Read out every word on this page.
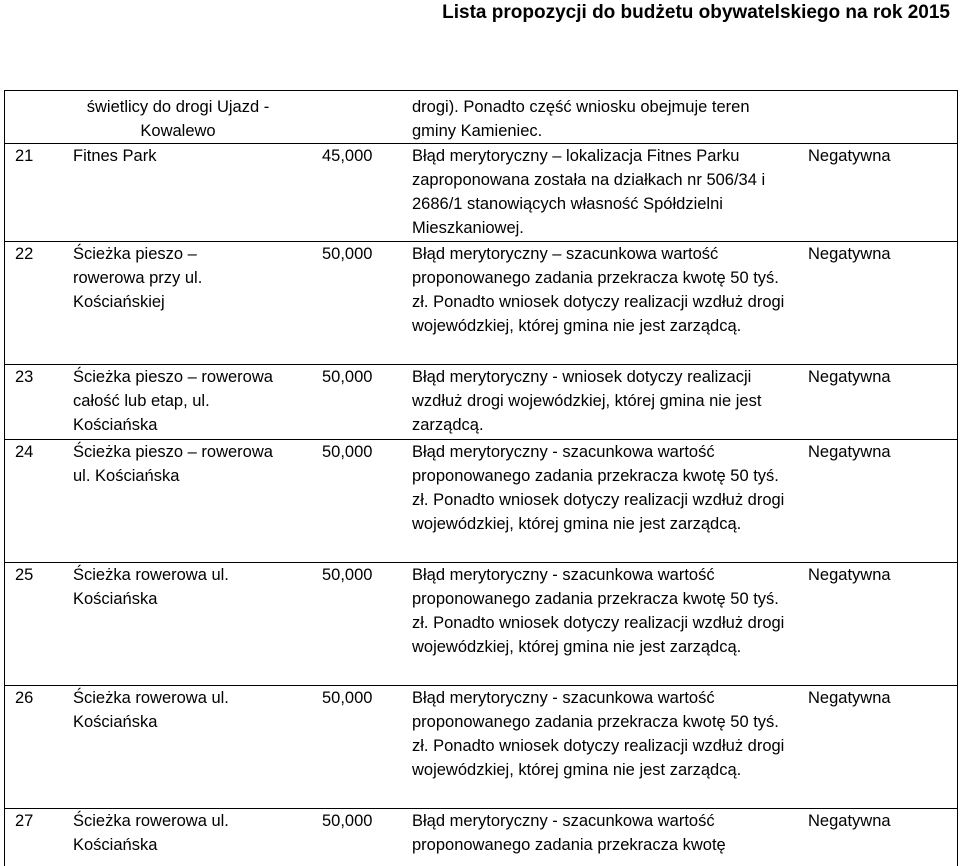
Lista propozycji do budżetu obywatelskiego na rok 2015

	świetlicy do drogi Ujazd - Kowalewo		drogi). Ponadto część wniosku obejmuje teren gminy Kamieniec.	

21	Fitnes Park	45,000	Błąd merytoryczny – lokalizacja Fitnes Parku zaproponowana została na działkach nr 506/34 i 2686/1 stanowiących własność Spółdzielni Mieszkaniowej.	Negatywna
22	Ścieżka pieszo – rowerowa przy ul. Kościańskiej	50,000	Błąd merytoryczny – szacunkowa wartość proponowanego zadania przekracza kwotę 50 tyś. zł. Ponadto wniosek dotyczy realizacji wzdłuż drogi wojewódzkiej, której gmina nie jest zarządcą.	Negatywna
23	Ścieżka pieszo – rowerowa całość lub etap, ul. Kościańska	50,000	Błąd merytoryczny - wniosek dotyczy realizacji wzdłuż drogi wojewódzkiej, której gmina nie jest zarządcą.	Negatywna
24	Ścieżka pieszo – rowerowa ul. Kościańska	50,000	Błąd merytoryczny - szacunkowa wartość proponowanego zadania przekracza kwotę 50 tyś. zł. Ponadto wniosek dotyczy realizacji wzdłuż drogi wojewódzkiej, której gmina nie jest zarządcą.	Negatywna
25	Ścieżka rowerowa ul. Kościańska	50,000	Błąd merytoryczny - szacunkowa wartość proponowanego zadania przekracza kwotę 50 tyś. zł. Ponadto wniosek dotyczy realizacji wzdłuż drogi wojewódzkiej, której gmina nie jest zarządcą.	Negatywna
26	Ścieżka rowerowa ul. Kościańska	50,000	Błąd merytoryczny - szacunkowa wartość proponowanego zadania przekracza kwotę 50 tyś. zł. Ponadto wniosek dotyczy realizacji wzdłuż drogi wojewódzkiej, której gmina nie jest zarządcą.	Negatywna
27	Ścieżka rowerowa ul. Kościańska	50,000	Błąd merytoryczny - szacunkowa wartość proponowanego zadania przekracza kwotę	Negatywna
